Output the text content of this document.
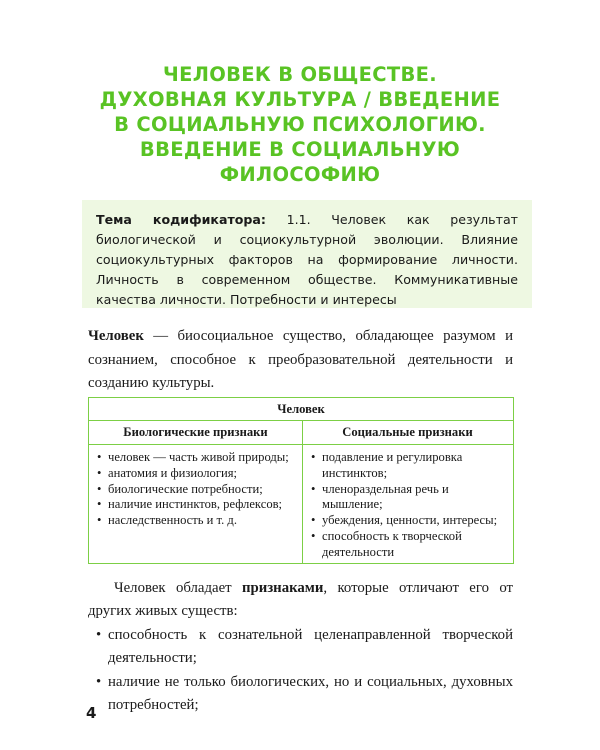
ЧЕЛОВЕК В ОБЩЕСТВЕ.
ДУХОВНАЯ КУЛЬТУРА / ВВЕДЕНИЕ
В СОЦИАЛЬНУЮ ПСИХОЛОГИЮ.
ВВЕДЕНИЕ В СОЦИАЛЬНУЮ
ФИЛОСОФИЮ
Тема кодификатора: 1.1. Человек как результат биологической и социокультурной эволюции. Влияние социокультурных факторов на формирование личности. Личность в современном обществе. Коммуникативные качества личности. Потребности и интересы
Человек — биосоциальное существо, обладающее разумом и сознанием, способное к преобразовательной деятельности и созданию культуры.
Человек
Биологические признаки	Социальные признаки
• человек — часть живой природы;
• анатомия и физиология;
• биологические потребности;
• наличие инстинктов, рефлексов;
• наследственность и т. д.
• подавление и регулировка инстинктов;
• членораздельная речь и мышление;
• убеждения, ценности, интересы;
• способность к творческой деятельности

Человек обладает признаками, которые отличают его от других живых существ:

• способность к сознательной целенаправленной творческой деятельности;
• наличие не только биологических, но и социальных, духовных потребностей;
4
